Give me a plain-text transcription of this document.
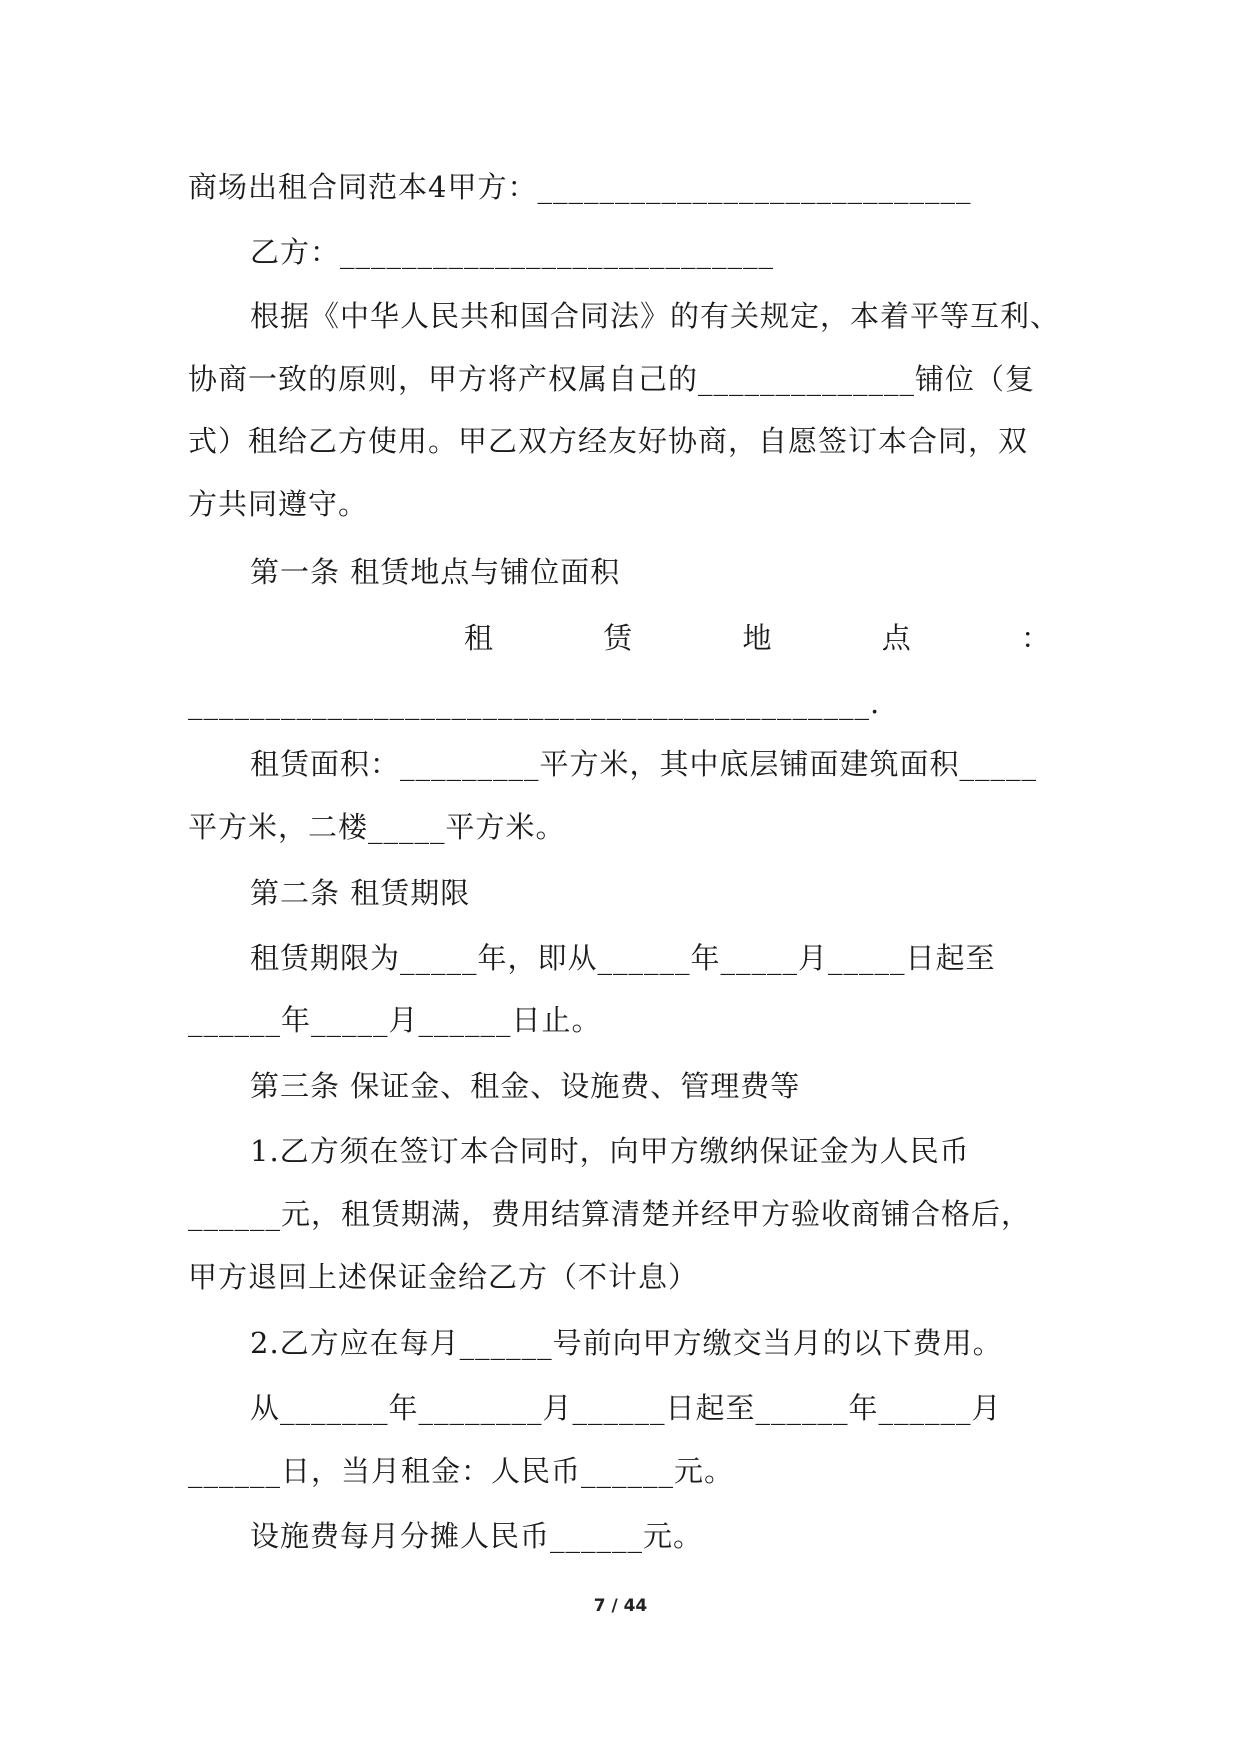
商场出租合同范本4甲方：____________________________
乙方：____________________________
根据《中华人民共和国合同法》的有关规定，本着平等互利、
协商一致的原则，甲方将产权属自己的______________铺位（复
式）租给乙方使用。甲乙双方经友好协商，自愿签订本合同，双
方共同遵守。
第一条 租赁地点与铺位面积
租	赁	地	点	：
____________________________________________.
租赁面积：_________平方米，其中底层铺面建筑面积_____
平方米，二楼_____平方米。
第二条 租赁期限
租赁期限为_____年，即从______年_____月_____日起至
______年_____月______日止。
第三条 保证金、租金、设施费、管理费等
1.乙方须在签订本合同时，向甲方缴纳保证金为人民币
______元，租赁期满，费用结算清楚并经甲方验收商铺合格后，
甲方退回上述保证金给乙方（不计息）
2.乙方应在每月______号前向甲方缴交当月的以下费用。
从_______年________月______日起至______年______月
______日，当月租金：人民币______元。
设施费每月分摊人民币______元。
7 / 44
